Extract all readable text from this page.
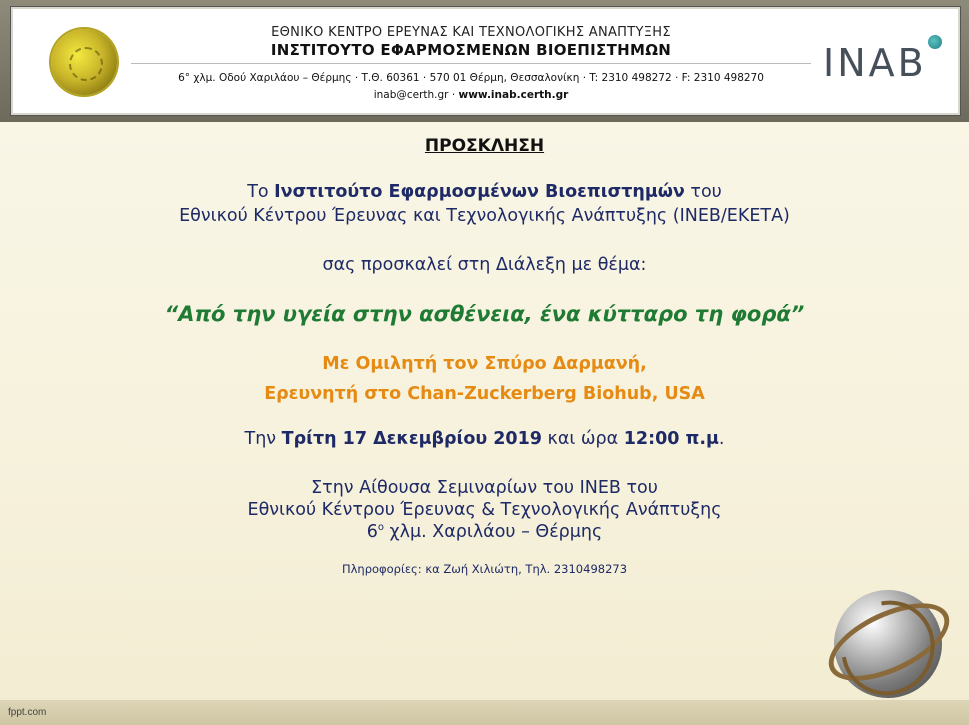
ΕΘΝΙΚΟ ΚΕΝΤΡΟ ΕΡΕΥΝΑΣ ΚΑΙ ΤΕΧΝΟΛΟΓΙΚΗΣ ΑΝΑΠΤΥΞΗΣ
ΙΝΣΤΙΤΟΥΤΟ ΕΦΑΡΜΟΣΜΕΝΩΝ ΒΙΟΕΠΙΣΤΗΜΩΝ
6° χλμ. Οδού Χαριλάου – Θέρμης · Τ.Θ. 60361 · 570 01 Θέρμη, Θεσσαλονίκη · T: 2310 498272 · F: 2310 498270
inab@certh.gr · www.inab.certh.gr
INAB
ΠΡΟΣΚΛΗΣΗ
Το Ινστιτούτο Εφαρμοσμένων Βιοεπιστημών του
Εθνικού Κέντρου Έρευνας και Τεχνολογικής Ανάπτυξης (ΙΝΕΒ/ΕΚΕΤΑ)
σας προσκαλεί στη Διάλεξη με θέμα:
“Από την υγεία στην ασθένεια, ένα κύτταρο τη φορά”
Με Ομιλητή τον Σπύρο Δαρμανή,
Ερευνητή στο Chan-Zuckerberg Biohub, USA
Την Τρίτη 17 Δεκεμβρίου 2019 και ώρα 12:00 π.μ.
Στην Αίθουσα Σεμιναρίων του ΙΝΕΒ του
Εθνικού Κέντρου Έρευνας & Τεχνολογικής Ανάπτυξης
$6^o$ χλμ. Χαριλάου – Θέρμης
Πληροφορίες: κα Ζωή Χιλιώτη, Τηλ. 2310498273
fppt.com
